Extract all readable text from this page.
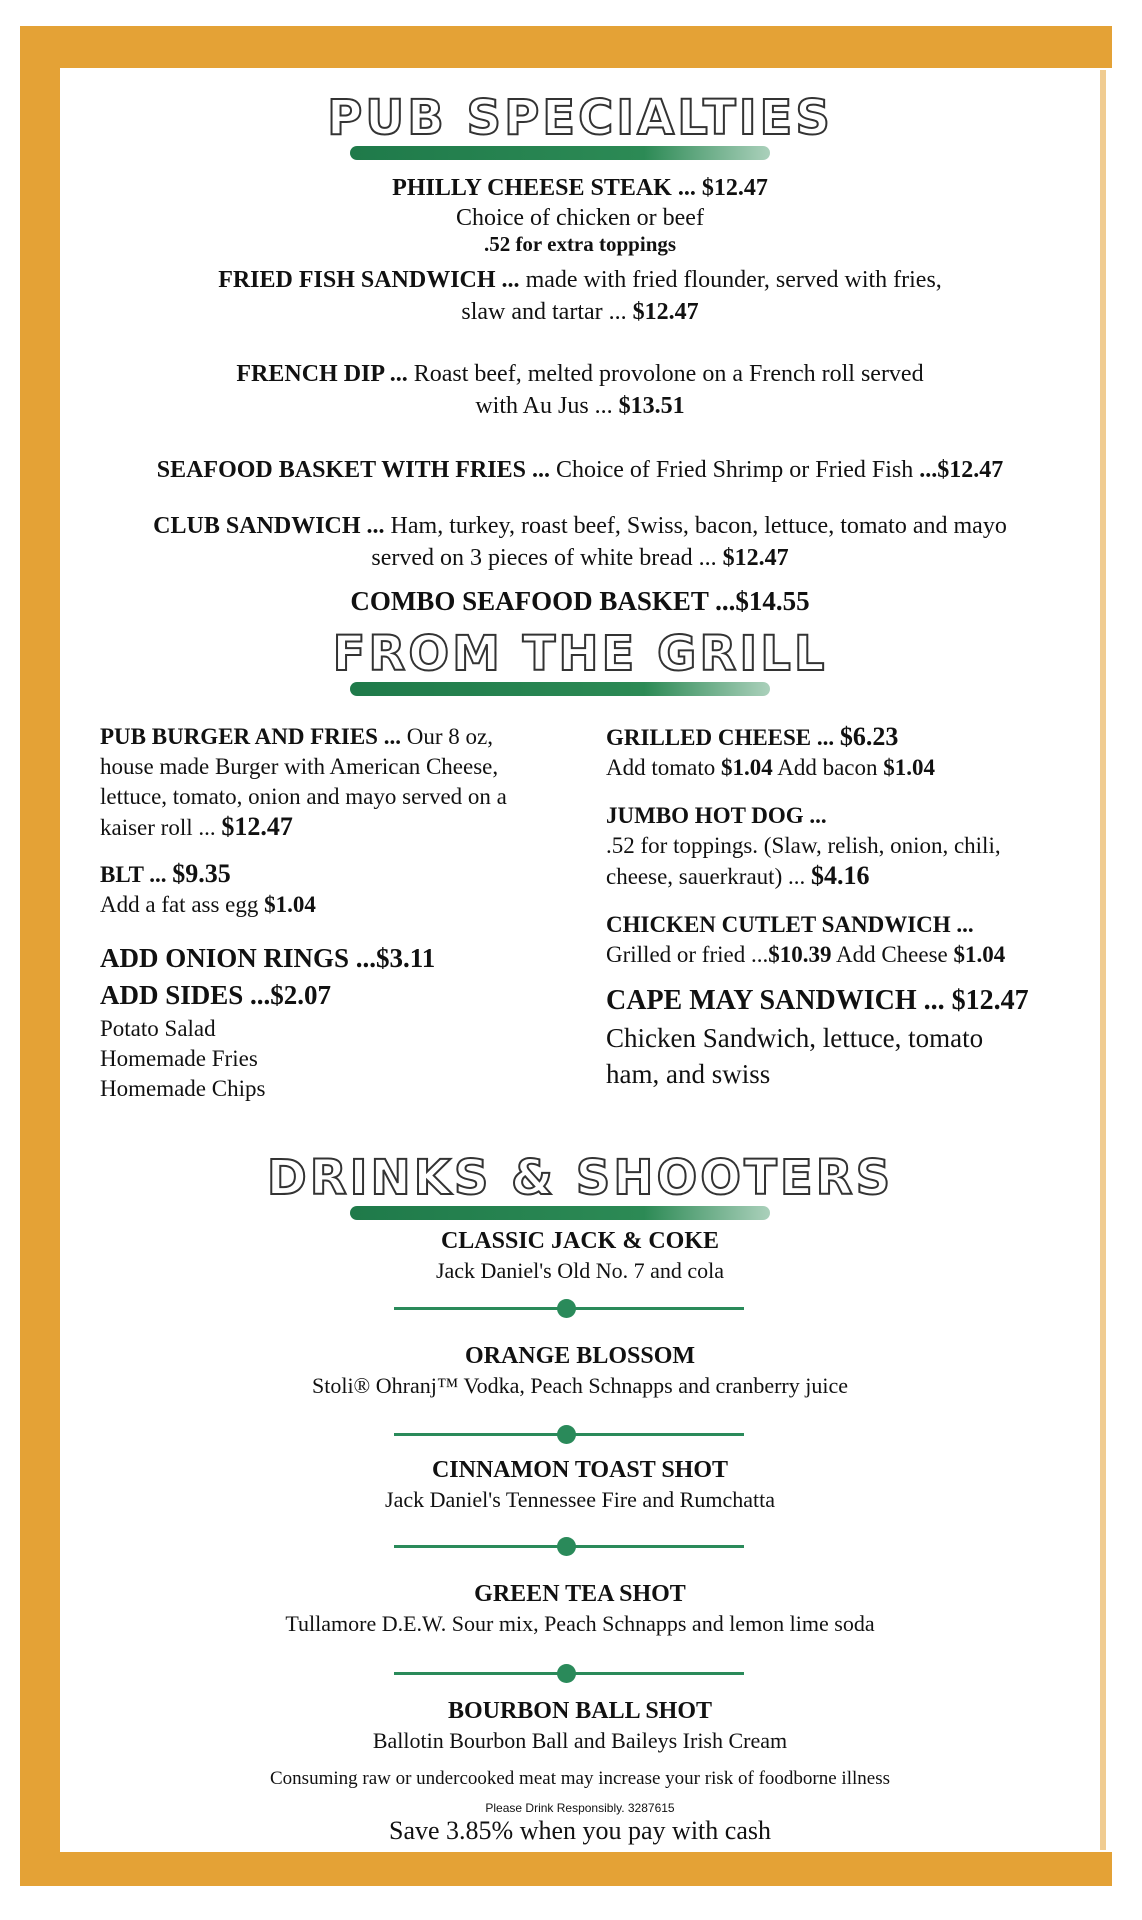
PUB SPECIALTIES
PHILLY CHEESE STEAK ... $12.47
Choice of chicken or beef
.52 for extra toppings
FRIED FISH SANDWICH ... made with fried flounder, served with fries,
slaw and tartar ... $12.47
FRENCH DIP ... Roast beef, melted provolone on a French roll served
with Au Jus ... $13.51
SEAFOOD BASKET WITH FRIES ... Choice of Fried Shrimp or Fried Fish ...$12.47
CLUB SANDWICH ... Ham, turkey, roast beef, Swiss, bacon, lettuce, tomato and mayo
served on 3 pieces of white bread ... $12.47
COMBO SEAFOOD BASKET ...$14.55
FROM THE GRILL

PUB BURGER AND FRIES ... Our 8 oz,

house made Burger with American Cheese,

lettuce, tomato, onion and mayo served on a

kaiser roll ... $12.47

BLT ... $9.35

Add a fat ass egg $1.04

ADD ONION RINGS ...$3.11

ADD SIDES ...$2.07

Potato Salad

Homemade Fries

Homemade Chips

GRILLED CHEESE ... $6.23

Add tomato $1.04 Add bacon $1.04

JUMBO HOT DOG ...

.52 for toppings. (Slaw, relish, onion, chili,

cheese, sauerkraut) ... $4.16

CHICKEN CUTLET SANDWICH ...

Grilled or fried ...$10.39 Add Cheese $1.04

CAPE MAY SANDWICH ... $12.47

Chicken Sandwich, lettuce, tomato

ham, and swiss

DRINKS & SHOOTERS
CLASSIC JACK & COKE
Jack Daniel's Old No. 7 and cola
ORANGE BLOSSOM
Stoli® Ohranj™ Vodka, Peach Schnapps and cranberry juice
CINNAMON TOAST SHOT
Jack Daniel's Tennessee Fire and Rumchatta
GREEN TEA SHOT
Tullamore D.E.W. Sour mix, Peach Schnapps and lemon lime soda
BOURBON BALL SHOT
Ballotin Bourbon Ball and Baileys Irish Cream
Consuming raw or undercooked meat may increase your risk of foodborne illness
Please Drink Responsibly. 3287615
Save 3.85% when you pay with cash
